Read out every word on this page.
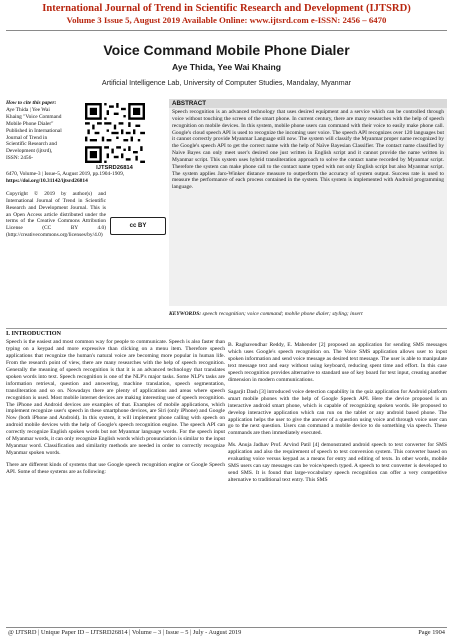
International Journal of Trend in Scientific Research and Development (IJTSRD)
Volume 3 Issue 5, August 2019 Available Online: www.ijtsrd.com e-ISSN: 2456 – 6470
Voice Command Mobile Phone Dialer
Aye Thida, Yee Wai Khaing
Artificial Intelligence Lab, University of Computer Studies, Mandalay, Myanmar
How to cite this paper: Aye Thida | Yee Wai Khaing "Voice Command Mobile Phone Dialer" Published in International Journal of Trend in Scientific Research and Development (ijtsrd), ISSN: 2456-
IJTSRD26814
6470, Volume-3 | Issue-5, August 2019, pp.1904-1909, https://doi.org/10.31142/ijtsrd26814
Copyright © 2019 by author(s) and International Journal of Trend in Scientific Research and Development Journal. This is an Open Access article distributed under the terms of the Creative Commons Attribution License (CC BY 4.0) (http://creativecommons.org/licenses/by/4.0)
cc BY
ABSTRACT
Speech recognition is an advanced technology that uses desired equipment and a service which can be controlled through voice without touching the screen of the smart phone. In current century, there are many researches with the help of speech recognition on mobile devices. In this system, mobile phone users can command with their voice to easily make phone call. Google's cloud speech API is used to recognize the incoming user voice. The speech API recognizes over 120 languages but it cannot correctly provide Myanmar Language still now. The system will classify the Myanmar proper name recognized by the Google's speech API to get the correct name with the help of Naïve Bayesian Classifier. The contact name classified by Naive Bayes can only meet user's desired one just written in English script and it cannot provide the name written in Myanmar script. This system uses hybrid transliteration approach to solve the contact name recorded by Myanmar script. Therefore the system can make phone call to the contact name typed with not only English script but also Myanmar script. The system applies Jaro-Winker distance measure to outperform the accuracy of system output. Success rate is used to measure the performance of each process contained in the system. This system is implemented with Android programming language.
KEYWORDS: speech recognition; voice command; mobile phone dialer; styling; insert
I. INTRODUCTION

Speech is the easiest and most common way for people to communicate. Speech is also faster than typing on a keypad and more expressive than clicking on a menu item. Therefore speech applications that recognize the human's natural voice are becoming more popular in human life. From the research point of view, there are many researches with the help of speech recognition. Generally the meaning of speech recognition is that it is an advanced technology that translates spoken words into text. Speech recognition is one of the NLP's major tasks. Some NLP's tasks are information retrieval, question and answering, machine translation, speech segmentation, transliteration and so on. Nowadays there are plenty of applications and areas where speech recognition is used. Most mobile internet devices are making interesting use of speech recognition. The iPhone and Android devices are examples of that. Examples of mobile applications, which implement recognize user's speech in these smartphone devices, are Siri (only iPhone) and Google Now (both iPhone and Android). In this system, it will implement phone calling with speech on android mobile devices with the help of Google's speech recognition engine. The speech API can correctly recognize English spoken words but not Myanmar language words. For the speech input of Myanmar words, it can only recognize English words which pronunciation is similar to the input Myanmar word. Classification and similarity methods are needed in order to correctly recognize Myanmar spoken words.

There are different kinds of systems that use Google speech recognition engine or Google Speech API. Some of these systems are as following:

B. Raghavendhar Reddy, E. Mahender [2] proposed an application for sending SMS messages which uses Google's speech recognition on. The Voice SMS application allows user to input spoken information and send voice message as desired text message. The user is able to manipulate text message text and easy without using keyboard, reducing spent time and effort. In this case speech recognition provides alternative to standard use of key board for text input, creating another dimension in modern communications.

Sagarjit Dash [3] introduced voice detection capability in the quiz application for Android platform smart mobile phones with the help of Google Speech API. Here the device proposed is an interactive android smart phone, which is capable of recognizing spoken words. He proposed to develop interactive application which can run on the tablet or any android based phone. The application helps the user to give the answer of a question using voice and through voice user can go to the next question. Users can command a mobile device to do something via speech. These commands are then immediately executed.

Ms. Anuja Jadhav Prof. Arvind Patil [4] demonstrated android speech to text converter for SMS application and also the requirement of speech to text conversion system. This converter based on evaluating voice versus keypad as a means for entry and editing of texts. In other words, mobile SMS users can say messages can be voice/speech typed. A speech to text converter is developed to send SMS. It is found that large-vocabulary speech recognition can offer a very competitive alternative to traditional text entry. This SMS

@ IJTSRD | Unique Paper ID – IJTSRD26814 | Volume – 3 | Issue – 5 | July - August 2019	Page 1904
